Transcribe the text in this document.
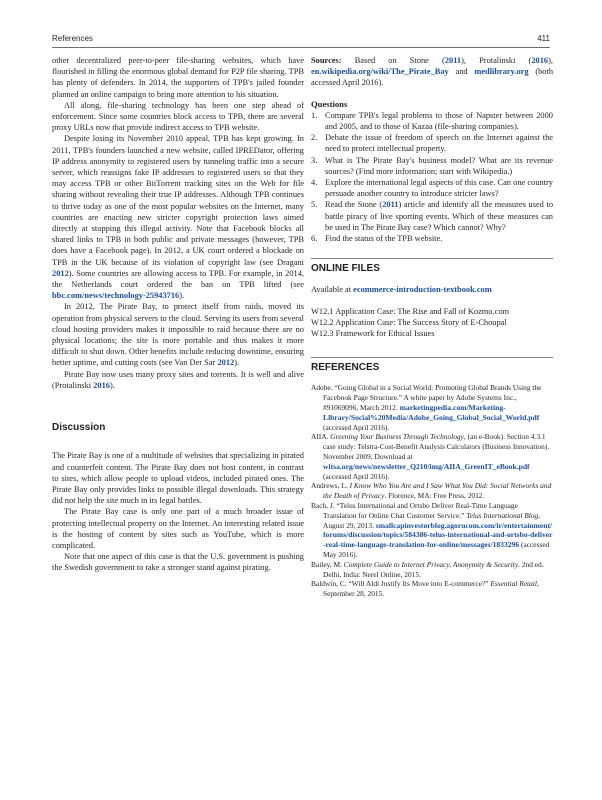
References	411

other decentralized peer-to-peer file-sharing websites, which have flourished in filling the enormous global demand for P2P file sharing. TPB has plenty of defenders. In 2014, the supporters of TPB's jailed founder planned an online campaign to bring more attention to his situation.

All along, file-sharing technology has been one step ahead of enforcement. Since some countries block access to TPB, there are several proxy URLs now that provide indirect access to TPB website.

Despite losing its November 2010 appeal, TPB has kept growing. In 2011, TPB's founders launched a new website, called IPREDator, offering IP address anonymity to registered users by tunneling traffic into a secure server, which reassigns fake IP addresses to registered users so that they may access TPB or other BitTorrent tracking sites on the Web for file sharing without revealing their true IP addresses. Although TPB continues to thrive today as one of the most popular websites on the Internet, many countries are enacting new stricter copyright protection laws aimed directly at stopping this illegal activity. Note that Facebook blocks all shared links to TPB in both public and private messages (however, TPB does have a Facebook page). In 2012, a UK court ordered a blockade on TPB in the UK because of its violation of copyright law (see Dragani 2012). Some countries are allowing access to TPB. For example, in 2014, the Netherlands court ordered the ban on TPB lifted (see bbc.com/news/technology-25943716).

In 2012, The Pirate Bay, to protect itself from raids, moved its operation from physical servers to the cloud. Serving its users from several cloud hosting providers makes it impossible to raid because there are no physical locations; the site is more portable and thus makes it more difficult to shut down. Other benefits include reducing downtime, ensuring better uptime, and cutting costs (see Van Der Sar 2012).

Pirate Bay now uses many proxy sites and torrents. It is well and alive (Protalinski 2016).

Discussion

The Pirate Bay is one of a multitude of websites that specializing in pirated and counterfeit content. The Pirate Bay does not host content, in contrast to sites, which allow people to upload videos, included pirated ones. The Pirate Bay only provides links to possible illegal downloads. This strategy did not help the site much in its legal battles.

The Pirate Bay case is only one part of a much broader issue of protecting intellectual property on the Internet. An interesting related issue is the hosting of content by sites such as YouTube, which is more complicated.

Note that one aspect of this case is that the U.S. government is pushing the Swedish government to take a stronger stand against pirating.

Sources: Based on Stone (2011), Protalinski (2016), en.wikipedia.org/wiki/The_Pirate_Bay and medlibrary.org (both accessed April 2016).

Questions

1. Compare TPB's legal problems to those of Napster between 2000 and 2005, and to those of Kazaa (file-sharing companies).
2. Debate the issue of freedom of speech on the Internet against the need to protect intellectual property.
3. What is The Pirate Bay's business model? What are its revenue sources? (Find more information; start with Wikipedia.)
4. Explore the international legal aspects of this case. Can one country persuade another country to introduce stricter laws?
5. Read the Stone (2011) article and identify all the measures used to battle piracy of live sporting events. Which of these measures can be used in The Pirate Bay case? Which cannot? Why?
6. Find the status of the TPB website.
ONLINE FILES

Available at ecommerce-introduction-textbook.com

W12.1 Application Case: The Rise and Fall of Kozmo.com
W12.2 Application Case: The Success Story of E-Choupal
W12.3 Framework for Ethical Issues
REFERENCES

Adobe. “Going Global in a Social World: Promoting Global Brands Using the Facebook Page Structure.” A white paper by Adobe Systems Inc., #91069096, March 2012. marketingpedia.com/Marketing-Library/Social%20Media/Adobe_Going_Global_Social_World.pdf (accessed April 2016).

AIIA. Greening Your Business Through Technology, (an e-Book). Section 4.3.1 case study: Telstra-Cost-Benefit Analysis Calculators (Business Innovation). November 2009, Download at witsa.org/news/newsletter_Q210/img/AIIA_GreenIT_eBook.pdf (accessed April 2016).

Andrews, L. I Know Who You Are and I Saw What You Did: Social Networks and the Death of Privacy. Florence, MA: Free Press, 2012.

Bach, J. “Telus International and Ortsbo Deliver Real-Time Language Translation for Online Chat Customer Service.” Telus International Blog, August 29, 2013. smallcapinvestorblog.agorucom.com/ir/entertainment/forums/discussion/topics/584386-telus-international-and-ortsbo-deliver-real-time-language-translation-for-online/messages/1833296 (accessed May 2016).

Bailey, M. Complete Guide to Internet Privacy, Anonymity & Security. 2nd ed. Delhi, India: Nerel Online, 2015.

Baldwin, C. “Will Aldi Justify Its Move into E-commerce?” Essential Retail, September 28, 2015.
